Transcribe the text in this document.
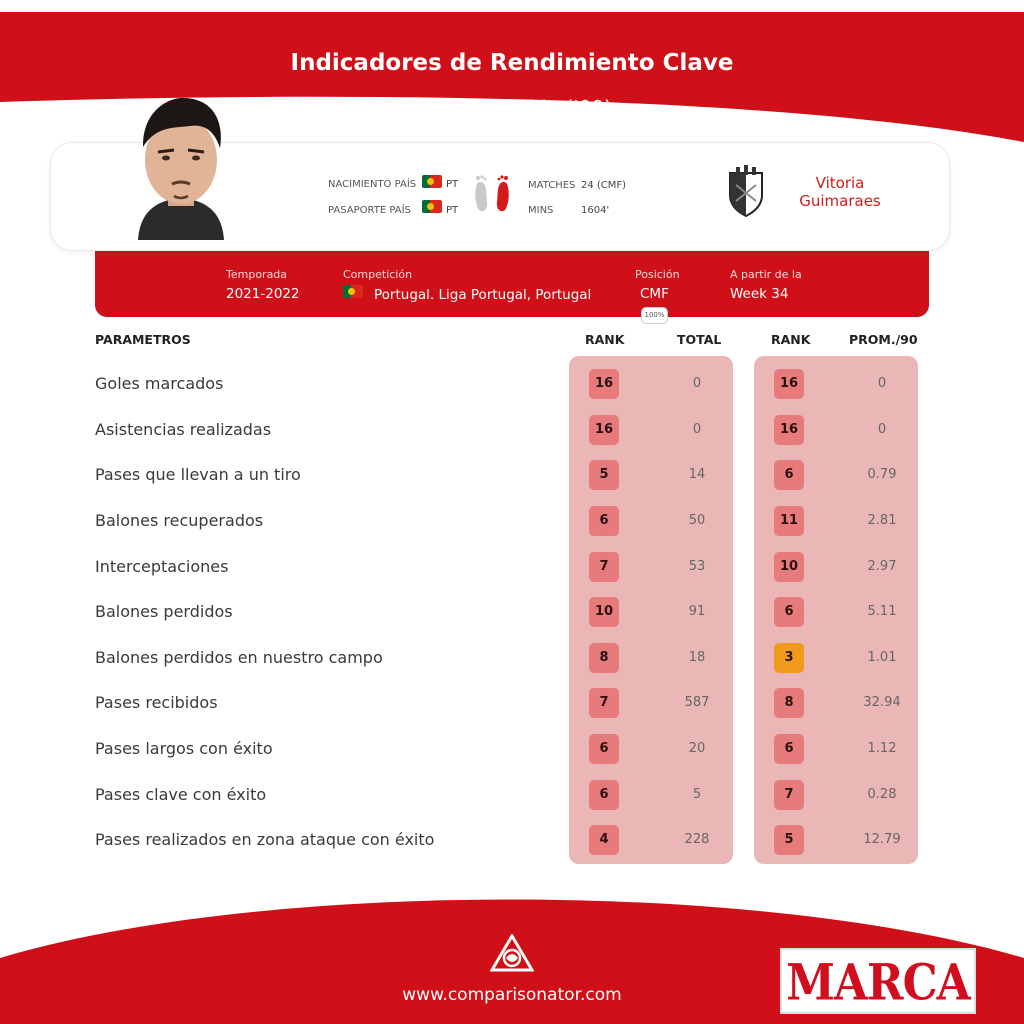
Indicadores de Rendimiento Clave
André Almeida ('00)
NACIMIENTO PAÍS	PT
PASAPORTE PAÍS	PT
MATCHES 24 (CMF)
MINS	1604'
Vitoria Guimaraes
Temporada
2021-2022
Competición
Portugal. Liga Portugal, Portugal
Posición
CMF
A partir de la
Week 34
100%
PARAMETROS	RANK	TOTAL	RANK	PROM./90
Goles marcados	16	0	16	0
Asistencias realizadas	16	0	16	0
Pases que llevan a un tiro	5	14	6	0.79
Balones recuperados	6	50	11	2.81
Interceptaciones	7	53	10	2.97
Balones perdidos	10	91	6	5.11
Balones perdidos en nuestro campo	8	18	3	1.01
Pases recibidos	7	587	8	32.94
Pases largos con éxito	6	20	6	1.12
Pases clave con éxito	6	5	7	0.28
Pases realizados en zona ataque con éxito	4	228	5	12.79
www.comparisonator.com	MARCA
